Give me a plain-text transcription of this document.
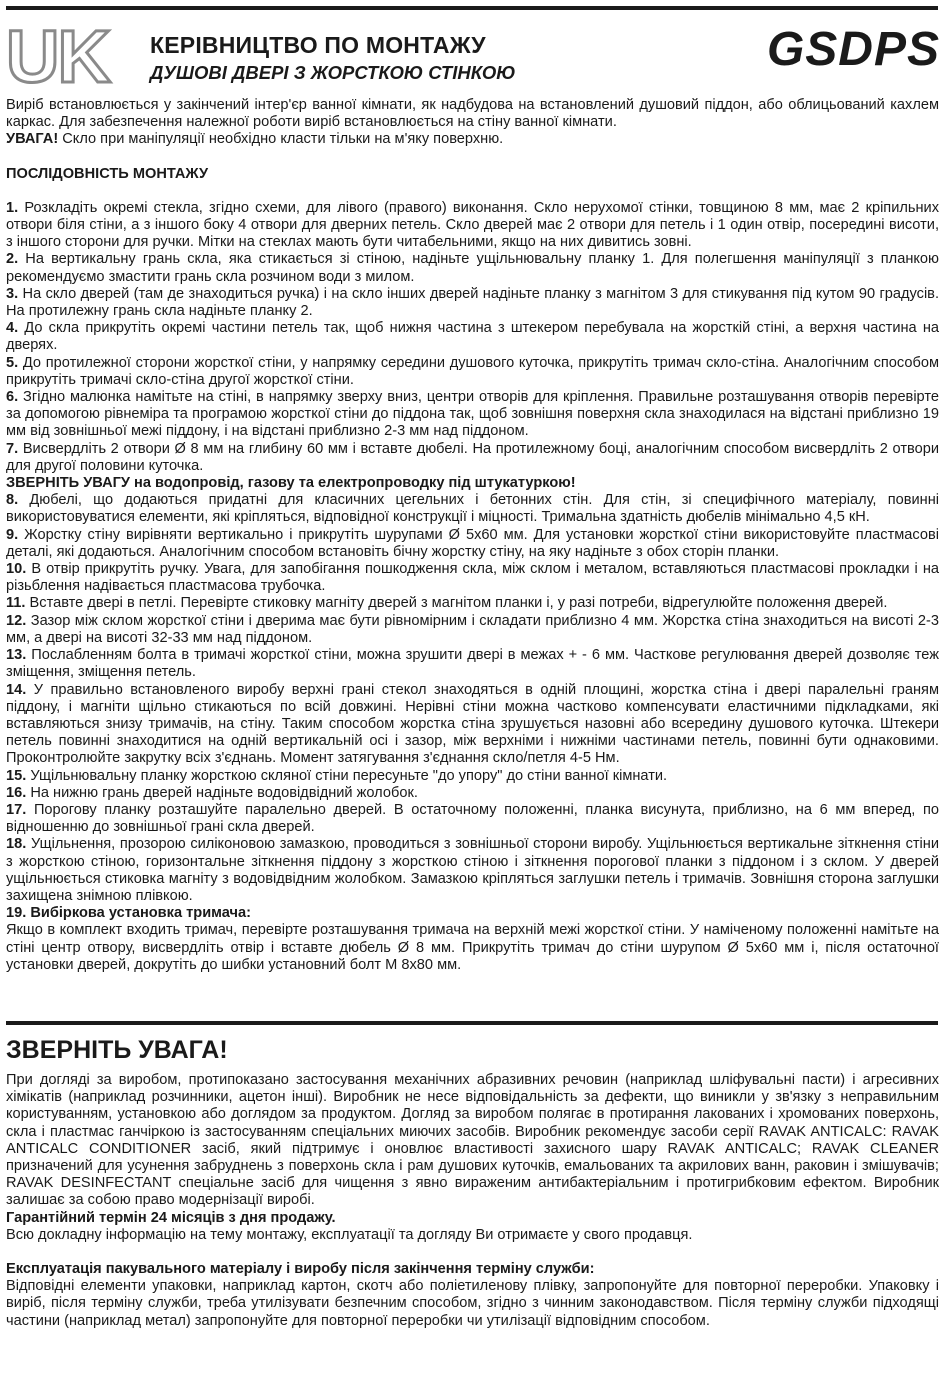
UK КЕРІВНИЦТВО ПО МОНТАЖУ
ДУШОВІ ДВЕРІ З ЖОРСТКОЮ СТІНКОЮ	GSDPS

Виріб встановлюється у закінчений інтер'єр ванної кімнати, як надбудова на встановлений душовий піддон, або облицьований кахлем каркас. Для забезпечення належної роботи виріб встановлюється на стіну ванної кімнати.
УВАГА! Скло при маніпуляції необхідно класти тільки на м'яку поверхню.

ПОСЛІДОВНІСТЬ МОНТАЖУ

1. Розкладіть окремі стекла, згідно схеми, для лівого (правого) виконання. Скло нерухомої стінки, товщиною 8 мм, має 2 кріпильних отвори біля стіни, а з іншого боку 4 отвори для дверних петель. Скло дверей має 2 отвори для петель і 1 один отвір, посередині висоти, з іншого сторони для ручки. Мітки на стеклах мають бути читабельними, якщо на них дивитись зовні.

2. На вертикальну грань скла, яка стикається зі стіною, надіньте ущільнювальну планку 1. Для полегшення маніпуляції з планкою рекомендуємо змастити грань скла розчином води з милом.

3. На скло дверей (там де знаходиться ручка) і на скло інших дверей надіньте планку з магнітом 3 для стикування під кутом 90 градусів. На протилежну грань скла надіньте планку 2.

4. До скла прикрутіть окремі частини петель так, щоб нижня частина з штекером перебувала на жорсткій стіні, а верхня частина на дверях.

5. До протилежної сторони жорсткої стіни, у напрямку середини душового куточка, прикрутіть тримач скло-стіна. Аналогічним способом прикрутіть тримачі скло-стіна другої жорсткої стіни.

6. Згідно малюнка намітьте на стіні, в напрямку зверху вниз, центри отворів для кріплення. Правильне розташування отворів перевірте за допомогою рівнеміра та програмою жорсткої стіни до піддона так, щоб зовнішня поверхня скла знаходилася на відстані приблизно 19 мм від зовнішньої межі піддону, і на відстані приблизно 2-3 мм над піддоном.

7. Висвердліть 2 отвори Ø 8 мм на глибину 60 мм і вставте дюбелі. На протилежному боці, аналогічним способом висвердліть 2 отвори для другої половини куточка.

ЗВЕРНІТЬ УВАГУ на водопровід, газову та електропроводку під штукатуркою!

8. Дюбелі, що додаються придатні для класичних цегельних і бетонних стін. Для стін, зі специфічного матеріалу, повинні використовуватися елементи, які кріпляться, відповідної конструкції і міцності. Тримальна здатність дюбелів мінімально 4,5 кН.

9. Жорстку стіну вирівняти вертикально і прикрутіть шурупами Ø 5х60 мм. Для установки жорсткої стіни використовуйте пластмасові деталі, які додаються. Аналогічним способом встановіть бічну жорстку стіну, на яку надіньте з обох сторін планки.

10. В отвір прикрутіть ручку. Увага, для запобігання пошкодження скла, між склом і металом, вставляються пластмасові прокладки і на різьблення надівається пластмасова трубочка.

11. Вставте двері в петлі. Перевірте стиковку магніту дверей з магнітом планки і, у разі потреби, відрегулюйте положення дверей.

12. Зазор між склом жорсткої стіни і дверима має бути рівномірним і складати приблизно 4 мм. Жорстка стіна знаходиться на висоті 2-3 мм, а двері на висоті 32-33 мм над піддоном.

13. Послабленням болта в тримачі жорсткої стіни, можна зрушити двері в межах + - 6 мм. Часткове регулювання дверей дозволяє теж зміщення, зміщення петель.

14. У правильно встановленого виробу верхні грані стекол знаходяться в одній площині, жорстка стіна і двері паралельні граням піддону, і магніти щільно стикаються по всій довжині. Нерівні стіни можна частково компенсувати еластичними підкладками, які вставляються знизу тримачів, на стіну. Таким способом жорстка стіна зрушується назовні або всередину душового куточка. Штекери петель повинні знаходитися на одній вертикальній осі і зазор, між верхніми і нижніми частинами петель, повинні бути однаковими. Проконтролюйте закрутку всіх з'єднань. Момент затягування з'єднання скло/петля 4-5 Нм.

15. Ущільнювальну планку жорсткою скляної стіни пересуньте "до упору" до стіни ванної кімнати.

16. На нижню грань дверей надіньте водовідвідний жолобок.

17. Порогову планку розташуйте паралельно дверей. В остаточному положенні, планка висунута, приблизно, на 6 мм вперед, по відношенню до зовнішньої грані скла дверей.

18. Ущільнення, прозорою силіконовою замазкою, проводиться з зовнішньої сторони виробу. Ущільнюється вертикальне зіткнення стіни з жорсткою стіною, горизонтальне зіткнення піддону з жорсткою стіною і зіткнення порогової планки з піддоном і з склом. У дверей ущільнюється стиковка магніту з водовідвідним жолобком. Замазкою кріпляться заглушки петель і тримачів. Зовнішня сторона заглушки захищена знімною плівкою.

19. Вибіркова установка тримача:
Якщо в комплект входить тримач, перевірте розташування тримача на верхній межі жорсткої стіни. У наміченому положенні намітьте на стіні центр отвору, висвердліть отвір і вставте дюбель Ø 8 мм. Прикрутіть тримач до стіни шурупом Ø 5х60 мм і, після остаточної установки дверей, докрутіть до шибки установний болт М 8х80 мм.

ЗВЕРНІТЬ УВАГА!

При догляді за виробом, протипоказано застосування механічних абразивних речовин (наприклад шліфувальні пасти) і агресивних хімікатів (наприклад розчинники, ацетон інші). Виробник не несе відповідальність за дефекти, що виникли у зв'язку з неправильним користуванням, установкою або доглядом за продуктом. Догляд за виробом полягає в протирання лакованих і хромованих поверхонь, скла і пластмас ганчіркою із застосуванням спеціальних миючих засобів. Виробник рекомендує засоби серії RAVAK ANTICALC: RAVAK ANTICALC CONDITIONER засіб, який підтримує і оновлює властивості захисного шару RAVAK ANTICALC; RAVAK CLEANER призначений для усунення забруднень з поверхонь скла і рам душових куточків, емальованих та акрилових ванн, раковин і змішувачів; RAVAK DESINFECTANT спеціальне засіб для чищення з явно вираженим антибактеріальним і протигрибковим ефектом. Виробник залишає за собою право модернізації виробі.

Гарантійний термін 24 місяців з дня продажу.

Всю докладну інформацію на тему монтажу, експлуатації та догляду Ви отримаєте у свого продавця.

Експлуатація пакувального матеріалу і виробу після закінчення терміну служби:

Відповідні елементи упаковки, наприклад картон, скотч або поліетиленову плівку, запропонуйте для повторної переробки. Упаковку і виріб, після терміну служби, треба утилізувати безпечним способом, згідно з чинним законодавством. Після терміну служби підходящі частини (наприклад метал) запропонуйте для повторної переробки чи утилізації відповідним способом.
